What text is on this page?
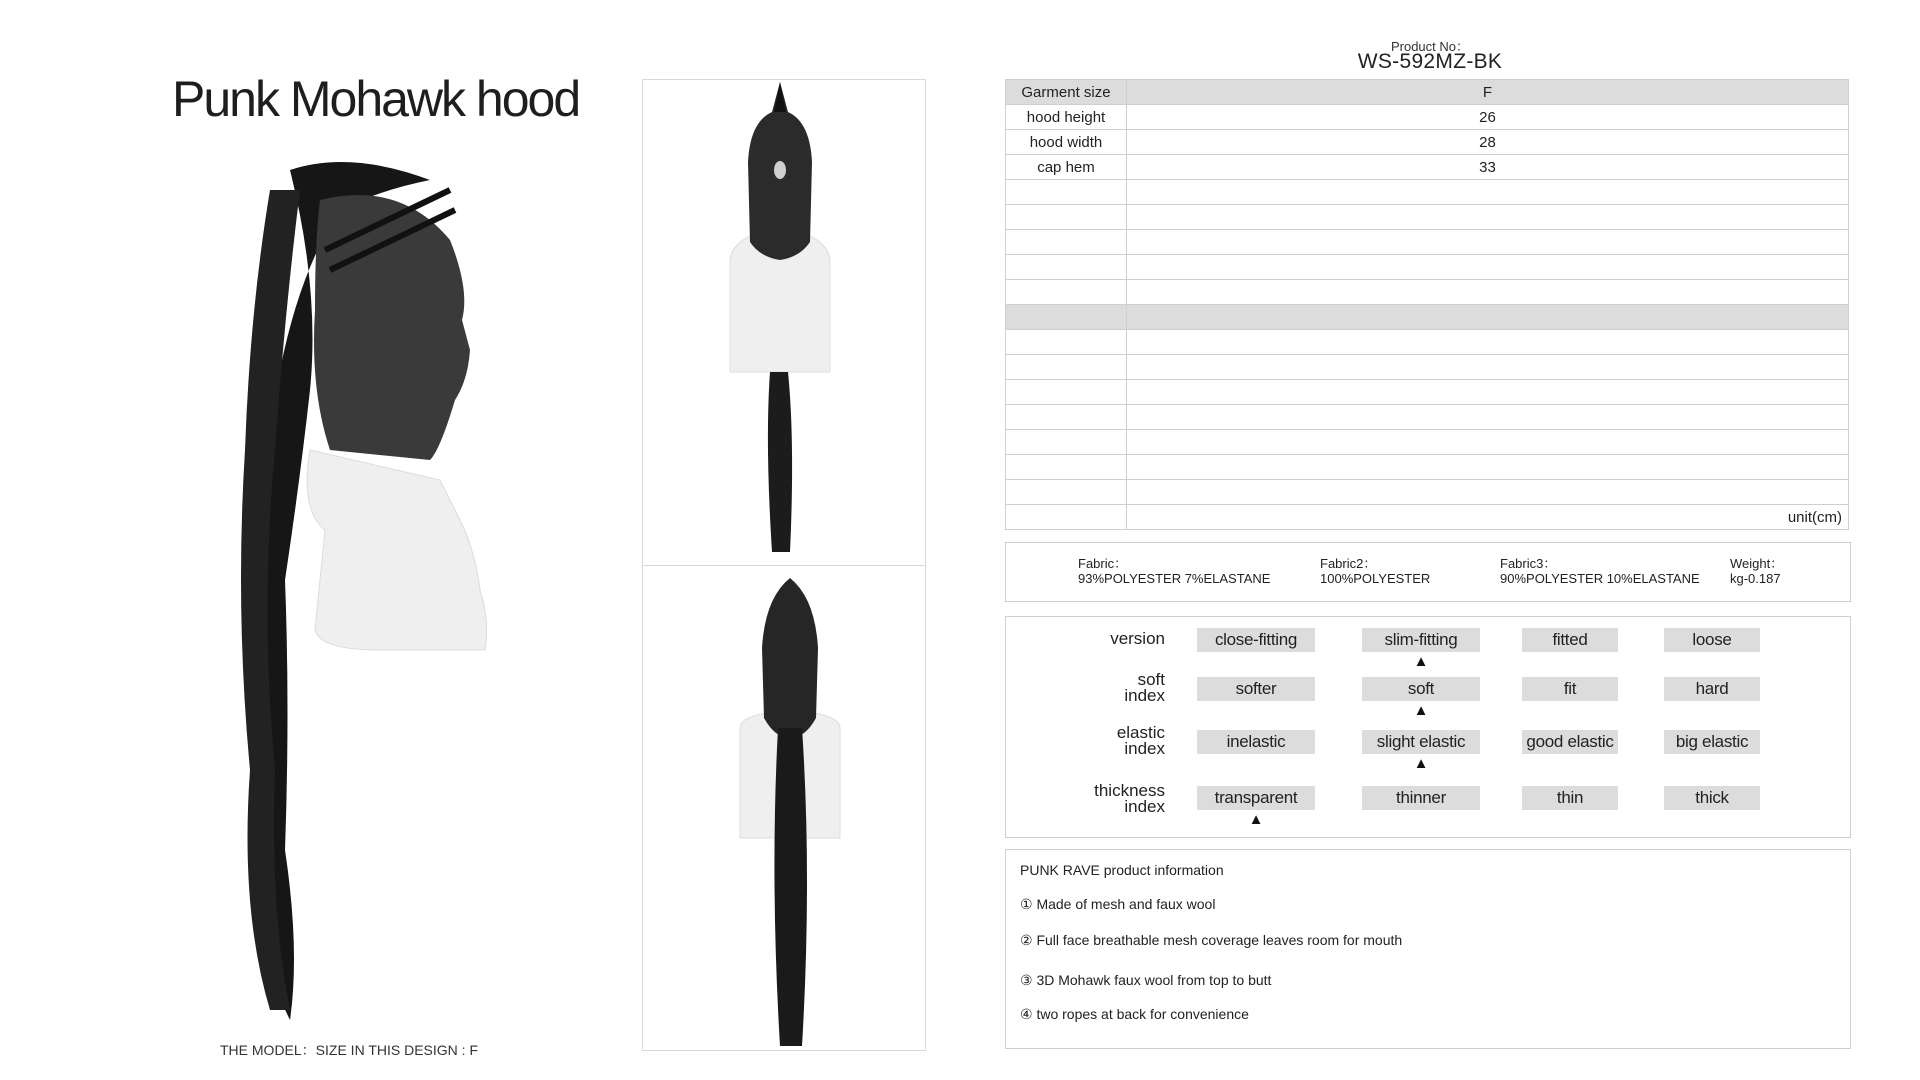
Punk Mohawk hood
THE MODEL：SIZE IN THIS DESIGN : F
Product No：
WS-592MZ-BK
Garment size	F
hood height	26
hood width	28
cap hem	33

	unit(cm)
Fabric：
93%POLYESTER 7%ELASTANE
Fabric2：
100%POLYESTER
Fabric3：
90%POLYESTER 10%ELASTANE
Weight：
kg-0.187
version	close-fitting	slim-fitting	fitted	loose
▲
soft
index	softer	soft	fit	hard
▲
elastic
index	inelastic	slight elastic	good elastic	big elastic
▲
thickness
index	transparent	thinner	thin	thick
▲
PUNK RAVE product information
① Made of mesh and faux wool
② Full face breathable mesh coverage leaves room for mouth
③ 3D Mohawk faux wool from top to butt
④ two ropes at back for convenience
